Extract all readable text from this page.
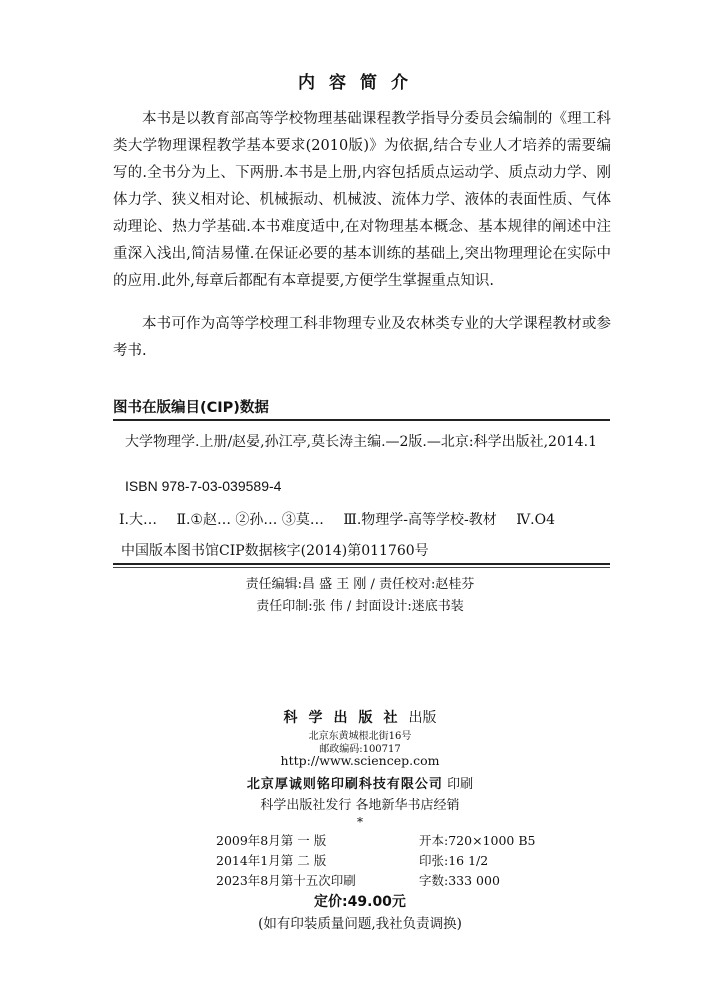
内容简介
本书是以教育部高等学校物理基础课程教学指导分委员会编制的《理工科类大学物理课程教学基本要求(2010版)》为依据,结合专业人才培养的需要编写的.全书分为上、下两册.本书是上册,内容包括质点运动学、质点动力学、刚体力学、狭义相对论、机械振动、机械波、流体力学、液体的表面性质、气体动理论、热力学基础.本书难度适中,在对物理基本概念、基本规律的阐述中注重深入浅出,简洁易懂.在保证必要的基本训练的基础上,突出物理理论在实际中的应用.此外,每章后都配有本章提要,方便学生掌握重点知识.
本书可作为高等学校理工科非物理专业及农林类专业的大学课程教材或参考书.
图书在版编目(CIP)数据
大学物理学.上册/赵晏,孙江亭,莫长涛主编.—2版.—北京:科学出版社,2014.1
ISBN 978-7-03-039589-4
Ⅰ.大… Ⅱ.①赵… ②孙… ③莫… Ⅲ.物理学-高等学校-教材 Ⅳ.O4
中国版本图书馆CIP数据核字(2014)第011760号
责任编辑:昌 盛 王 刚 / 责任校对:赵桂芬
责任印制:张 伟 / 封面设计:迷底书装
科学出版社出版
北京东黄城根北街16号
邮政编码:100717
http://www.sciencep.com
北京厚诚则铭印刷科技有限公司 印刷
科学出版社发行 各地新华书店经销
*
2009年8月第 一 版	开本:720×1000 B5
2014年1月第 二 版	印张:16 1/2
2023年8月第十五次印刷	字数:333 000
定价:49.00元
(如有印装质量问题,我社负责调换)
